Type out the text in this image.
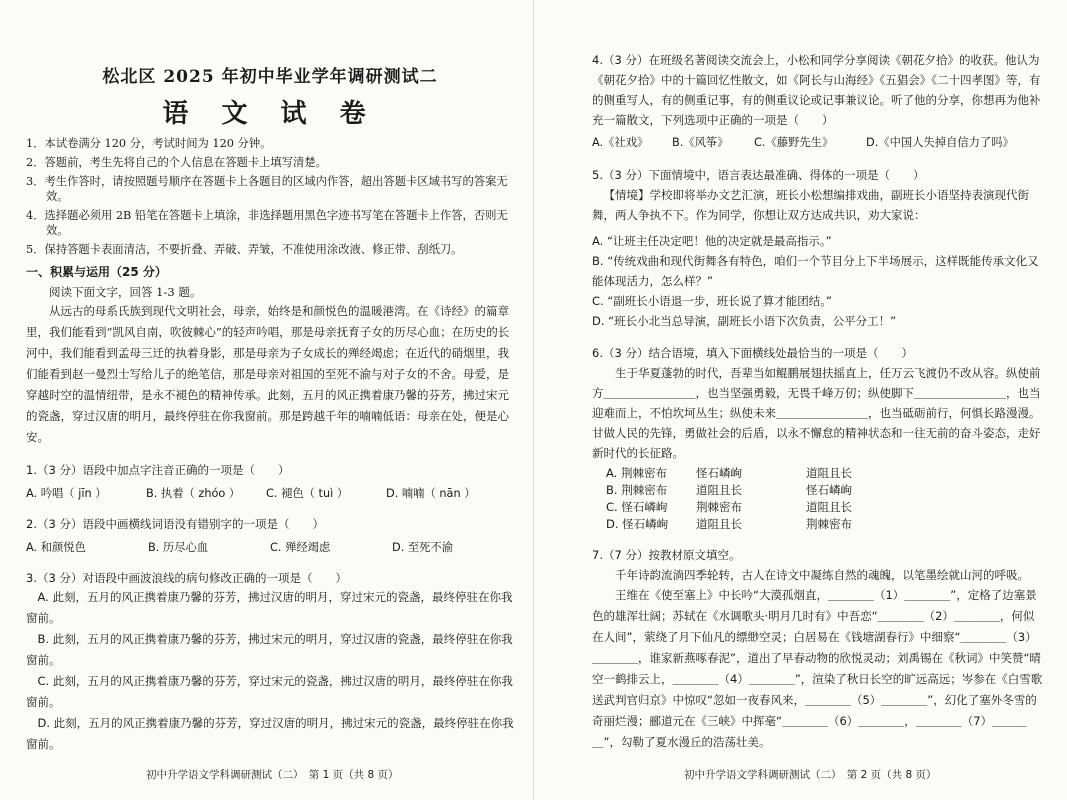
松北区 2025 年初中毕业学年调研测试二

语 文 试 卷

1．本试卷满分 120 分，考试时间为 120 分钟。

2．答题前，考生先将自己的个人信息在答题卡上填写清楚。

3．考生作答时，请按照题号顺序在答题卡上各题目的区域内作答，超出答题卡区域书写的答案无效。

4．选择题必须用 2B 铅笔在答题卡上填涂，非选择题用黑色字迹书写笔在答题卡上作答，否则无效。

5．保持答题卡表面清洁，不要折叠、弄破、弄皱，不准使用涂改液、修正带、刮纸刀。

一、积累与运用（25 分）

阅读下面文字，回答 1-3 题。

从远古的母系氏族到现代文明社会，母亲，始终是和颜悦色的温暖港湾。在《诗经》的篇章里，我们能看到“凯风自南，吹彼棘心”的轻声吟唱，那是母亲抚育子女的历尽心血；在历史的长河中，我们能看到孟母三迁的执着身影，那是母亲为子女成长的殚经竭虑；在近代的硝烟里，我们能看到赵一曼烈士写给儿子的绝笔信，那是母亲对祖国的至死不渝与对子女的不舍。母爱，是穿越时空的温情纽带，是永不褪色的精神传承。此刻，五月的风正携着康乃馨的芬芳，拂过宋元的瓷盏，穿过汉唐的明月，最终停驻在你我窗前。那是跨越千年的喃喃低语：母亲在处，便是心安。

1.（3 分）语段中加点字注音正确的一项是（　　）

A. 吟唱（ jīn ）	B. 执着（ zhóo ）	C. 褪色（ tuì ）	D. 喃喃（ nān ）

2.（3 分）语段中画横线词语没有错别字的一项是（　　）

A. 和颜悦色	B. 历尽心血	C. 殚经竭虑	D. 至死不渝

3.（3 分）对语段中画波浪线的病句修改正确的一项是（　　）

A. 此刻，五月的风正携着康乃馨的芬芳，拂过汉唐的明月，穿过宋元的瓷盏，最终停驻在你我窗前。

B. 此刻，五月的风正携着康乃馨的芬芳，拂过宋元的明月，穿过汉唐的瓷盏，最终停驻在你我窗前。

C. 此刻，五月的风正携着康乃馨的芬芳，穿过宋元的瓷盏，拂过汉唐的明月，最终停驻在你我窗前。

D. 此刻，五月的风正携着康乃馨的芬芳，穿过汉唐的明月，拂过宋元的瓷盏，最终停驻在你我窗前。

初中升学语文学科调研测试（二）　第 1 页（共 8 页）

4.（3 分）在班级名著阅读交流会上，小松和同学分享阅读《朝花夕拾》的收获。他认为《朝花夕拾》中的十篇回忆性散文，如《阿长与山海经》《五猖会》《二十四孝图》等，有的侧重写人，有的侧重记事，有的侧重议论或记事兼议论。听了他的分享，你想再为他补充一篇散文，下列选项中正确的一项是（　　）

A.《社戏》	B.《风筝》	C.《藤野先生》	D.《中国人失掉自信力了吗》

5.（3 分）下面情境中，语言表达最准确、得体的一项是（　　）

【情境】学校即将举办文艺汇演，班长小松想编排戏曲，副班长小语坚持表演现代街舞，两人争执不下。作为同学，你想让双方达成共识，劝大家说：

A. “让班主任决定吧！他的决定就是最高指示。”

B. “传统戏曲和现代街舞各有特色，咱们一个节目分上下半场展示，这样既能传承文化又能体现活力，怎么样？”

C. “副班长小语退一步，班长说了算才能团结。”

D. “班长小北当总导演，副班长小语下次负责，公平分工！”

6.（3 分）结合语境，填入下面横线处最恰当的一项是（　　）

生于华夏蓬勃的时代，吾辈当如鲲鹏展翅扶摇直上，任万云飞渡仍不改从容。纵使前方＿＿＿＿＿＿＿＿，也当坚强勇毅，无畏千峰万仞；纵使脚下＿＿＿＿＿＿＿＿，也当迎难而上，不怕坎坷丛生；纵使未来＿＿＿＿＿＿＿＿，也当砥砺前行，何惧长路漫漫。甘做人民的先锋，勇做社会的后盾，以永不懈怠的精神状态和一往无前的奋斗姿态，走好新时代的长征路。

A. 荆棘密布	怪石嶙峋	道阻且长
B. 荆棘密布	道阻且长	怪石嶙峋
C. 怪石嶙峋	荆棘密布	道阻且长
D. 怪石嶙峋	道阻且长	荆棘密布

7.（7 分）按教材原文填空。

千年诗韵流淌四季轮转，古人在诗文中凝练自然的魂魄，以笔墨绘就山河的呼吸。

王维在《使至塞上》中长吟“大漠孤烟直，＿＿＿＿（1）＿＿＿＿”，定格了边塞景色的雄浑壮阔；苏轼在《水调歌头·明月几时有》中吾恋“＿＿＿＿（2）＿＿＿＿，何似在人间”，萦绕了月下仙凡的缥缈空灵；白居易在《钱塘湖春行》中细察“＿＿＿＿（3）＿＿＿＿，谁家新燕啄春泥”，道出了早春动物的欣悦灵动；刘禹锡在《秋词》中笑赞“晴空一鹤排云上，＿＿＿＿（4）＿＿＿＿”，渲染了秋日长空的旷远高远；岑参在《白雪歌送武判官归京》中惊叹“忽如一夜春风来，＿＿＿＿（5）＿＿＿＿”，幻化了塞外冬雪的奇丽烂漫；郦道元在《三峡》中挥毫“＿＿＿＿（6）＿＿＿＿，＿＿＿＿（7）＿＿＿＿”，勾勒了夏水漫丘的浩荡壮美。

初中升学语文学科调研测试（二）　第 2 页（共 8 页）
